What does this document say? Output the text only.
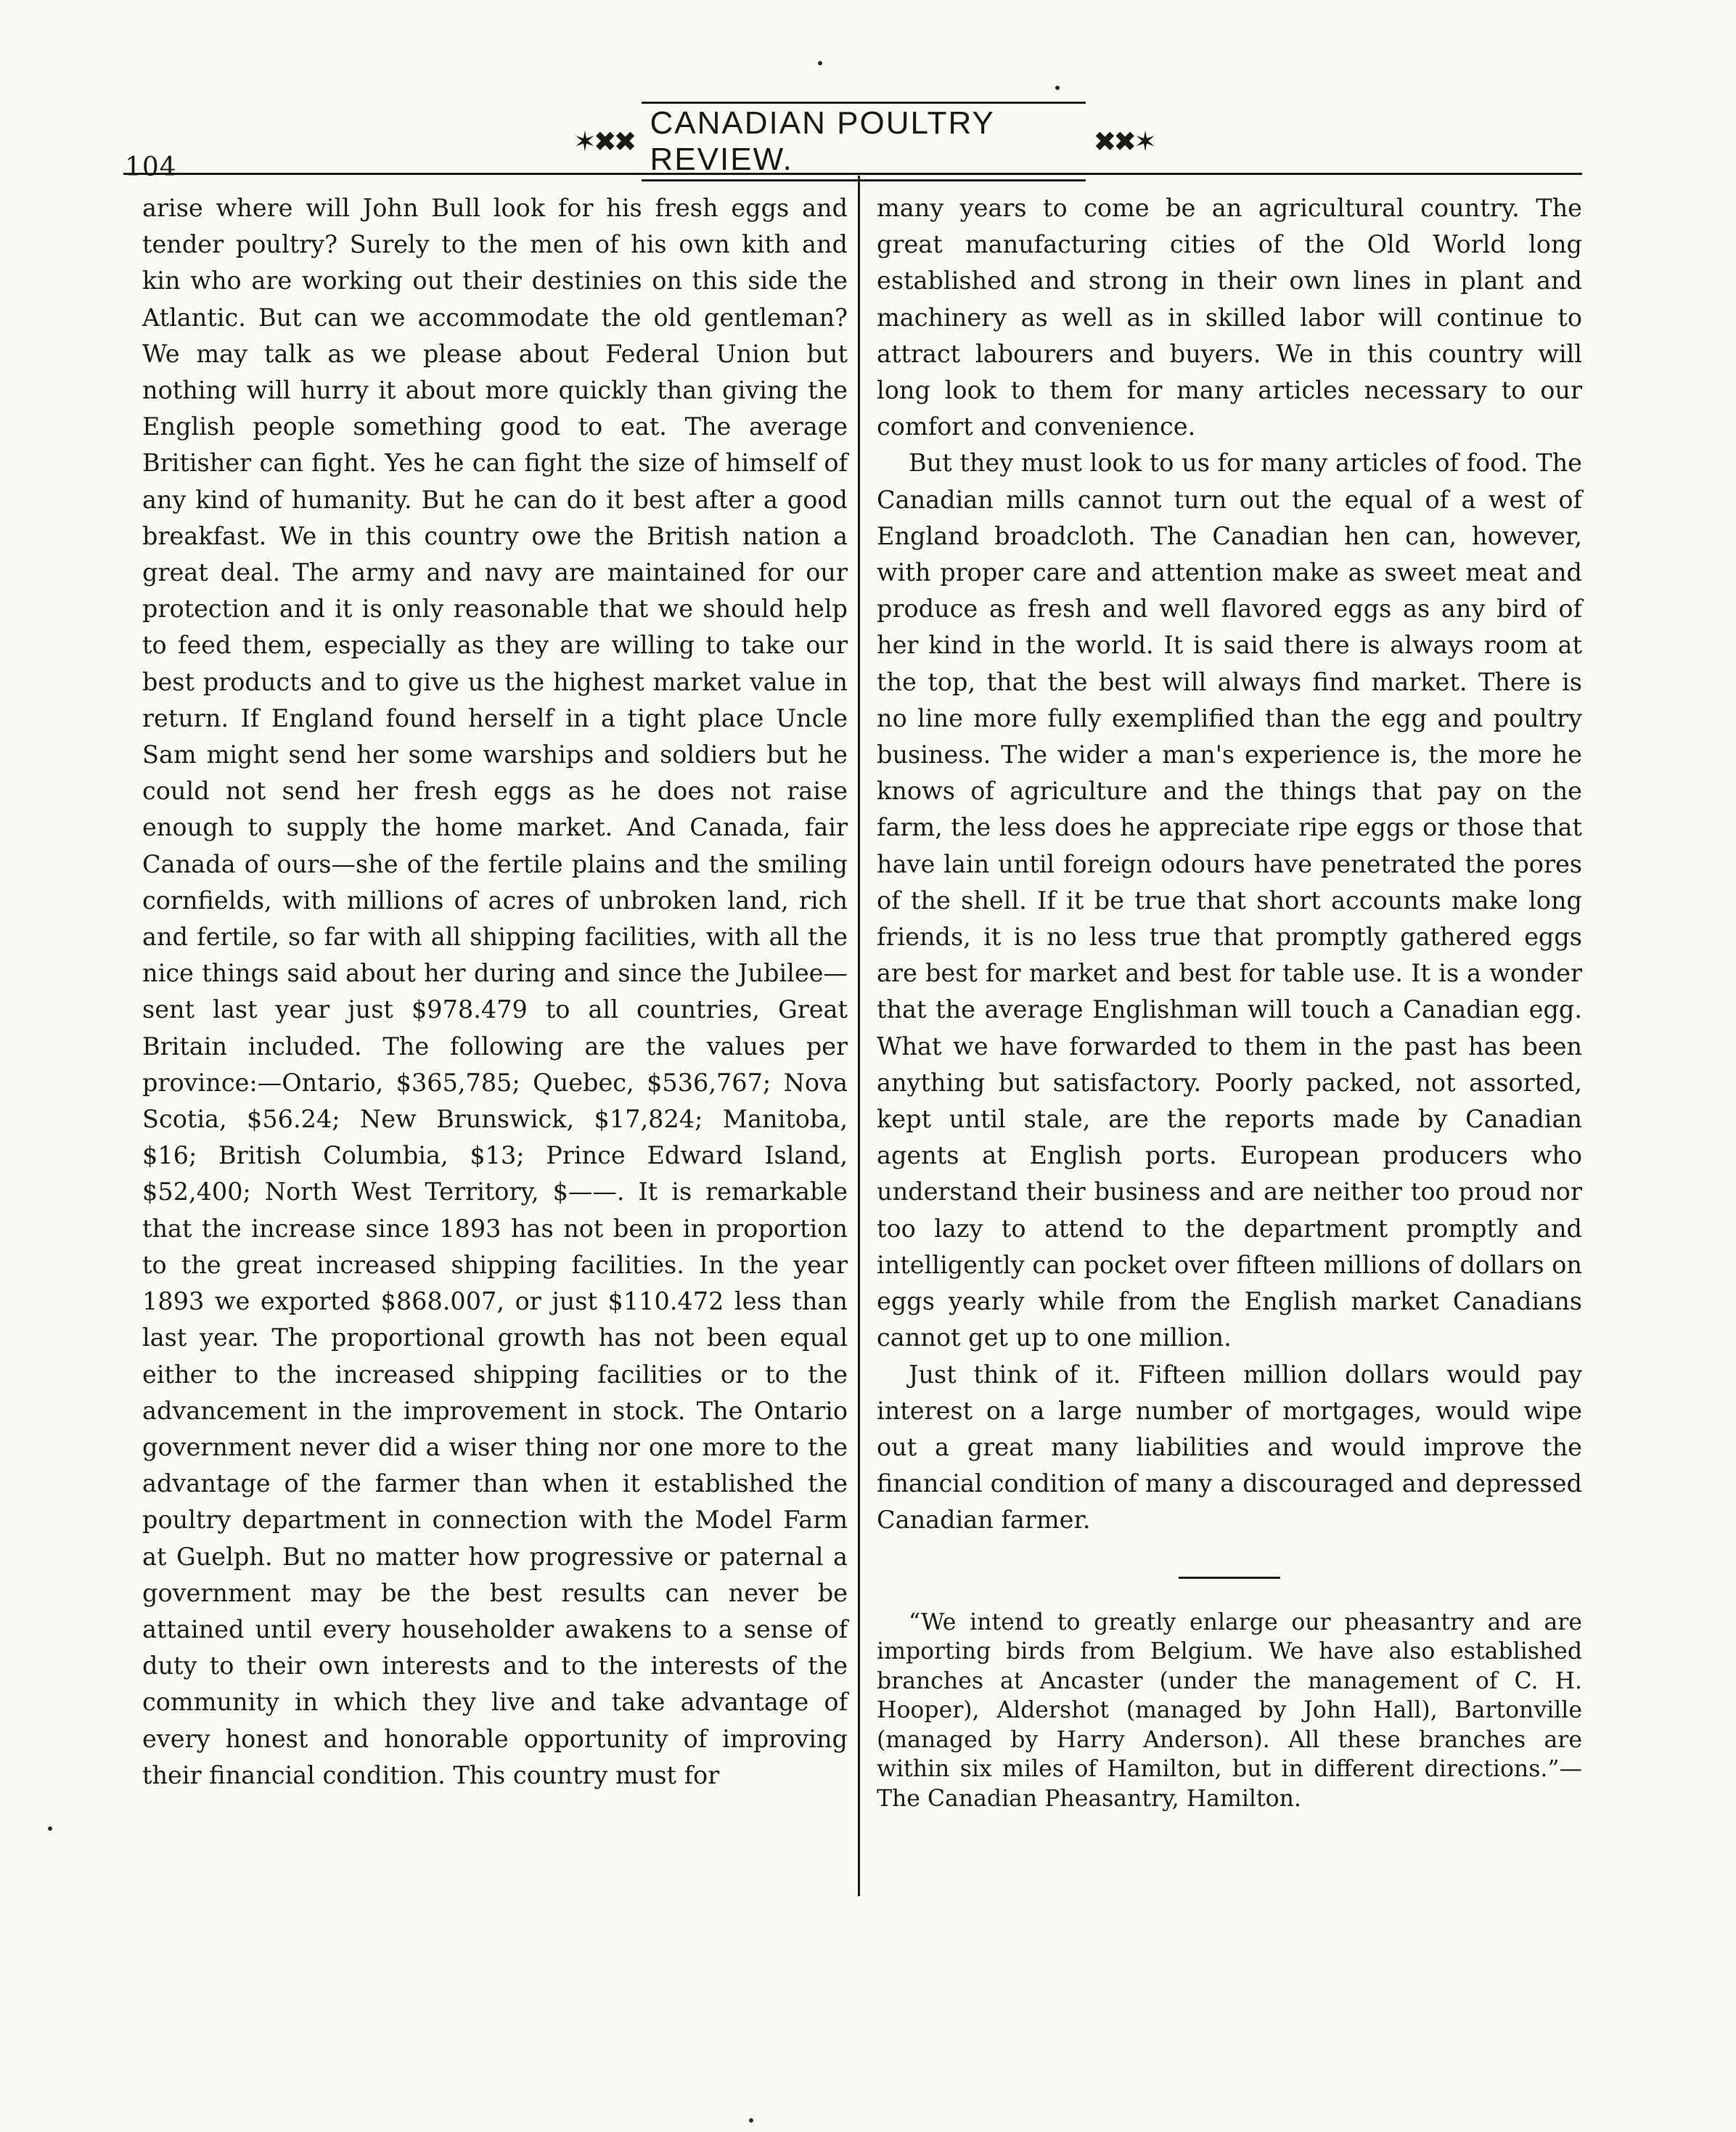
104
✶✖✖
CANADIAN POULTRY REVIEW.	✖✖✶

arise where will John Bull look for his fresh eggs and tender poultry? Surely to the men of his own kith and kin who are working out their destinies on this side the Atlantic. But can we accommodate the old gentleman? We may talk as we please about Federal Union but nothing will hurry it about more quickly than giving the English people something good to eat. The average Britisher can fight. Yes he can fight the size of himself of any kind of humanity. But he can do it best after a good breakfast. We in this country owe the British nation a great deal. The army and navy are maintained for our protection and it is only reasonable that we should help to feed them, especially as they are willing to take our best products and to give us the highest market value in return. If England found herself in a tight place Uncle Sam might send her some warships and soldiers but he could not send her fresh eggs as he does not raise enough to supply the home market. And Canada, fair Canada of ours—she of the fertile plains and the smiling cornfields, with millions of acres of unbroken land, rich and fertile, so far with all shipping facilities, with all the nice things said about her during and since the Jubilee—sent last year just $978.479 to all countries, Great Britain included. The following are the values per province:—Ontario, $365,785; Quebec, $536,767; Nova Scotia, $56.24; New Brunswick, $17,824; Manitoba, $16; British Columbia, $13; Prince Edward Island, $52,400; North West Territory, $——. It is remarkable that the increase since 1893 has not been in proportion to the great increased shipping facilities. In the year 1893 we exported $868.007, or just $110.472 less than last year. The proportional growth has not been equal either to the increased shipping facilities or to the advancement in the improvement in stock. The Ontario government never did a wiser thing nor one more to the advantage of the farmer than when it established the poultry department in connection with the Model Farm at Guelph. But no matter how progressive or paternal a government may be the best results can never be attained until every householder awakens to a sense of duty to their own interests and to the interests of the community in which they live and take advantage of every honest and honorable opportunity of improving their financial condition. This country must for

many years to come be an agricultural country. The great manufacturing cities of the Old World long established and strong in their own lines in plant and machinery as well as in skilled labor will continue to attract labourers and buyers. We in this country will long look to them for many articles necessary to our comfort and convenience.

But they must look to us for many articles of food. The Canadian mills cannot turn out the equal of a west of England broadcloth. The Canadian hen can, however, with proper care and attention make as sweet meat and produce as fresh and well flavored eggs as any bird of her kind in the world. It is said there is always room at the top, that the best will always find market. There is no line more fully exemplified than the egg and poultry business. The wider a man's experience is, the more he knows of agriculture and the things that pay on the farm, the less does he appreciate ripe eggs or those that have lain until foreign odours have penetrated the pores of the shell. If it be true that short accounts make long friends, it is no less true that promptly gathered eggs are best for market and best for table use. It is a wonder that the average Englishman will touch a Canadian egg. What we have forwarded to them in the past has been anything but satisfactory. Poorly packed, not assorted, kept until stale, are the reports made by Canadian agents at English ports. European producers who understand their business and are neither too proud nor too lazy to attend to the department promptly and intelligently can pocket over fifteen millions of dollars on eggs yearly while from the English market Canadians cannot get up to one million.

Just think of it. Fifteen million dollars would pay interest on a large number of mortgages, would wipe out a great many liabilities and would improve the financial condition of many a discouraged and depressed Canadian farmer.

“We intend to greatly enlarge our pheasantry and are importing birds from Belgium. We have also established branches at Ancaster (under the management of C. H. Hooper), Aldershot (managed by John Hall), Bartonville (managed by Harry Anderson). All these branches are within six miles of Hamilton, but in different directions.”—The Canadian Pheasantry, Hamilton.
